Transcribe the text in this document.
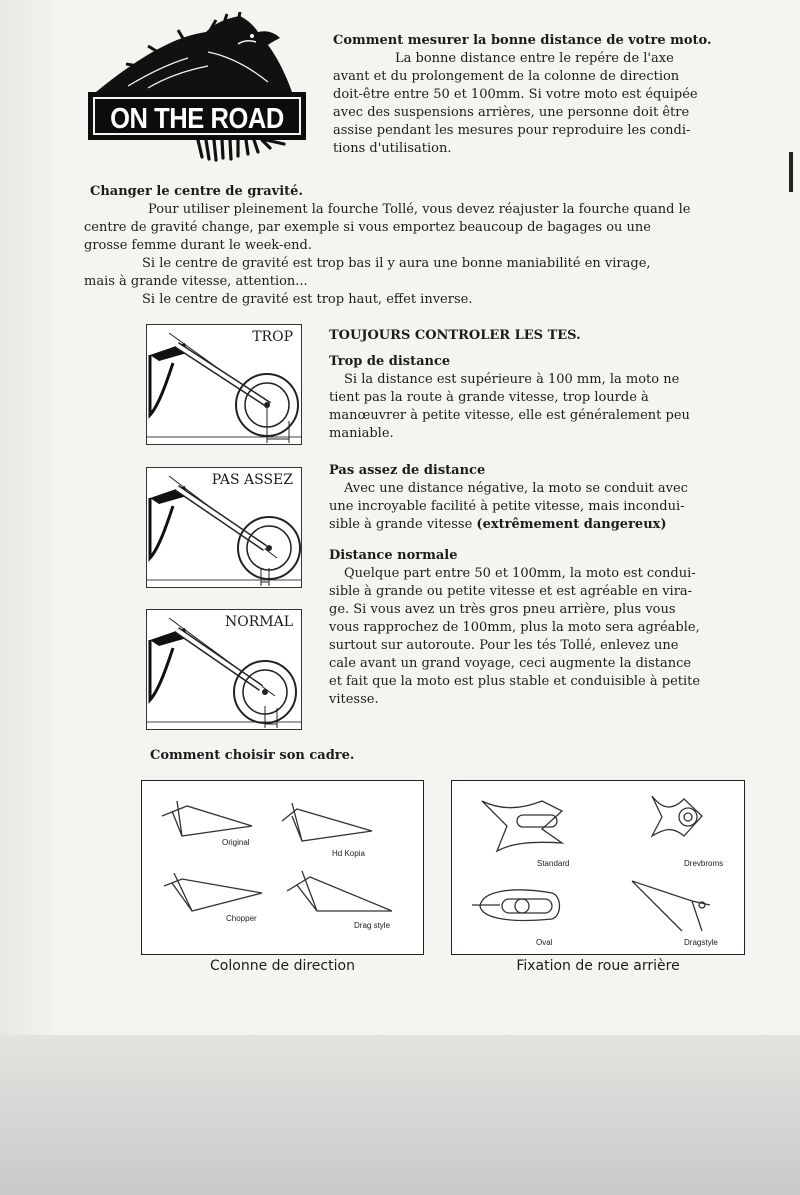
ON THE ROAD

Comment mesurer la bonne distance de votre moto.

La bonne distance entre le repére de l'axe

avant et du prolongement de la colonne de direction

doit-être entre 50 et 100mm. Si votre moto est équipée

avec des suspensions arrières, une personne doit être

assise pendant les mesures pour reproduire les condi-

tions d'utilisation.

Changer le centre de gravité.

Pour utiliser pleinement la fourche Tollé, vous devez réajuster la fourche quand le

centre de gravité change, par exemple si vous emportez beaucoup de bagages ou une

grosse femme durant le week-end.

Si le centre de gravité est trop bas il y aura une bonne maniabilité en virage,

mais à grande vitesse, attention...

Si le centre de gravité est trop haut, effet inverse.

TROP
PAS ASSEZ
NORMAL

TOUJOURS CONTROLER LES TES.

Trop de distance

Si la distance est supérieure à 100 mm, la moto ne

tient pas la route à grande vitesse, trop lourde à

manœuvrer à petite vitesse, elle est généralement peu

maniable.

Pas assez de distance

Avec une distance négative, la moto se conduit avec

une incroyable facilité à petite vitesse, mais incondui-

sible à grande vitesse (extrêmement dangereux)

Distance normale

Quelque part entre 50 et 100mm, la moto est condui-

sible à grande ou petite vitesse et est agréable en vira-

ge. Si vous avez un très gros pneu arrière, plus vous

vous rapprochez de 100mm, plus la moto sera agréable,

surtout sur autoroute. Pour les tés Tollé, enlevez une

cale avant un grand voyage, ceci augmente la distance

et fait que la moto est plus stable et conduisible à petite

vitesse.

Comment choisir son cadre.
Original
Hd Kopia
Chopper
Drag style
Colonne de direction
Standard	Drevbroms
Oval	Dragstyle
Fixation de roue arrière
